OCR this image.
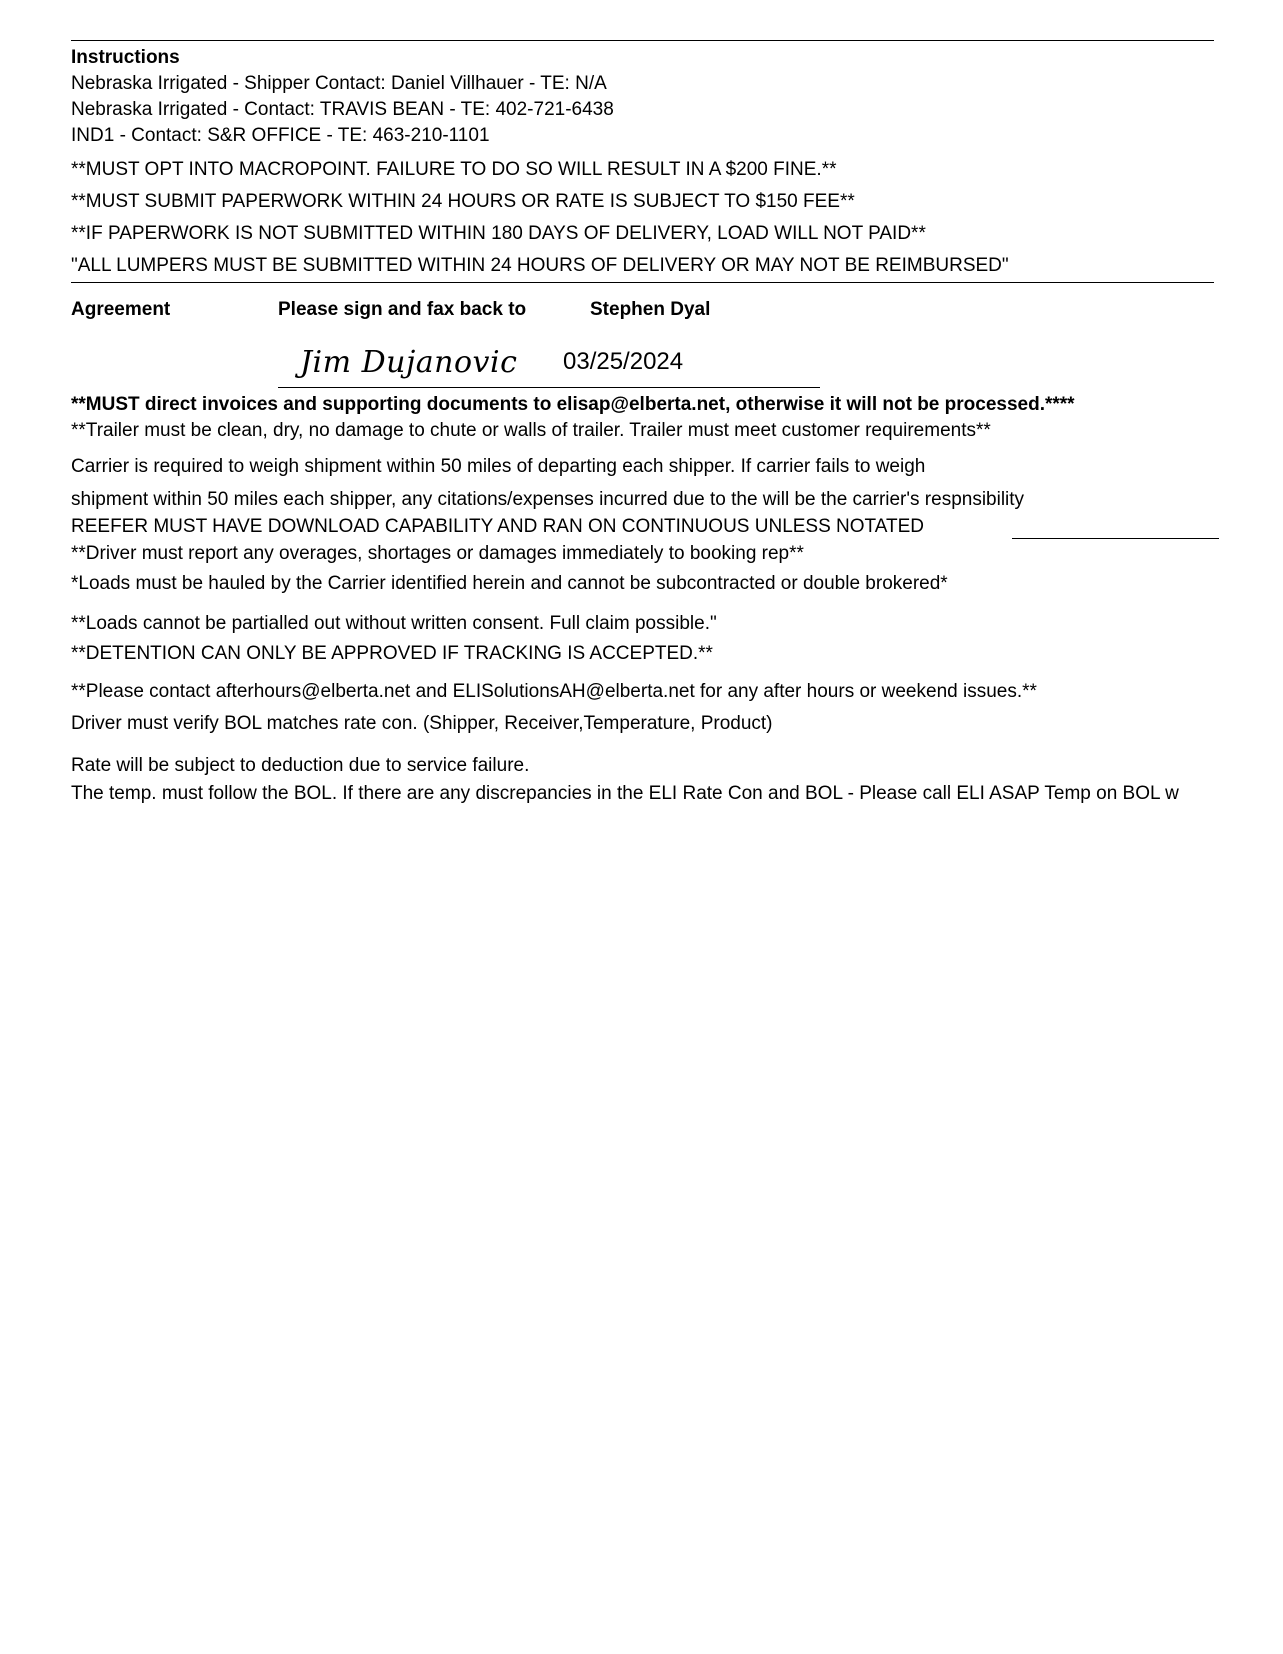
Instructions
Nebraska Irrigated - Shipper Contact: Daniel Villhauer - TE: N/A
Nebraska Irrigated - Contact: TRAVIS BEAN - TE: 402-721-6438
IND1 - Contact: S&R OFFICE - TE: 463-210-1101
**MUST OPT INTO MACROPOINT. FAILURE TO DO SO WILL RESULT IN A $200 FINE.**
**MUST SUBMIT PAPERWORK WITHIN 24 HOURS OR RATE IS SUBJECT TO $150 FEE**
**IF PAPERWORK IS NOT SUBMITTED WITHIN 180 DAYS OF DELIVERY, LOAD WILL NOT PAID**
"ALL LUMPERS MUST BE SUBMITTED WITHIN 24 HOURS OF DELIVERY OR MAY NOT BE REIMBURSED"
Agreement	Please sign and fax back to	Stephen Dyal
Jim Dujanovic 03/25/2024
**MUST direct invoices and supporting documents to elisap@elberta.net, otherwise it will not be processed.****
**Trailer must be clean, dry, no damage to chute or walls of trailer. Trailer must meet customer requirements**
Carrier is required to weigh shipment within 50 miles of departing each shipper. If carrier fails to weigh
shipment within 50 miles each shipper, any citations/expenses incurred due to the will be the carrier's respnsibility
REEFER MUST HAVE DOWNLOAD CAPABILITY AND RAN ON CONTINUOUS UNLESS NOTATED
**Driver must report any overages, shortages or damages immediately to booking rep**
*Loads must be hauled by the Carrier identified herein and cannot be subcontracted or double brokered*
**Loads cannot be partialled out without written consent. Full claim possible."
**DETENTION CAN ONLY BE APPROVED IF TRACKING IS ACCEPTED.**
**Please contact afterhours@elberta.net and ELISolutionsAH@elberta.net for any after hours or weekend issues.**
Driver must verify BOL matches rate con. (Shipper, Receiver,Temperature, Product)
Rate will be subject to deduction due to service failure.
The temp. must follow the BOL. If there are any discrepancies in the ELI Rate Con and BOL - Please call ELI ASAP Temp on BOL w
